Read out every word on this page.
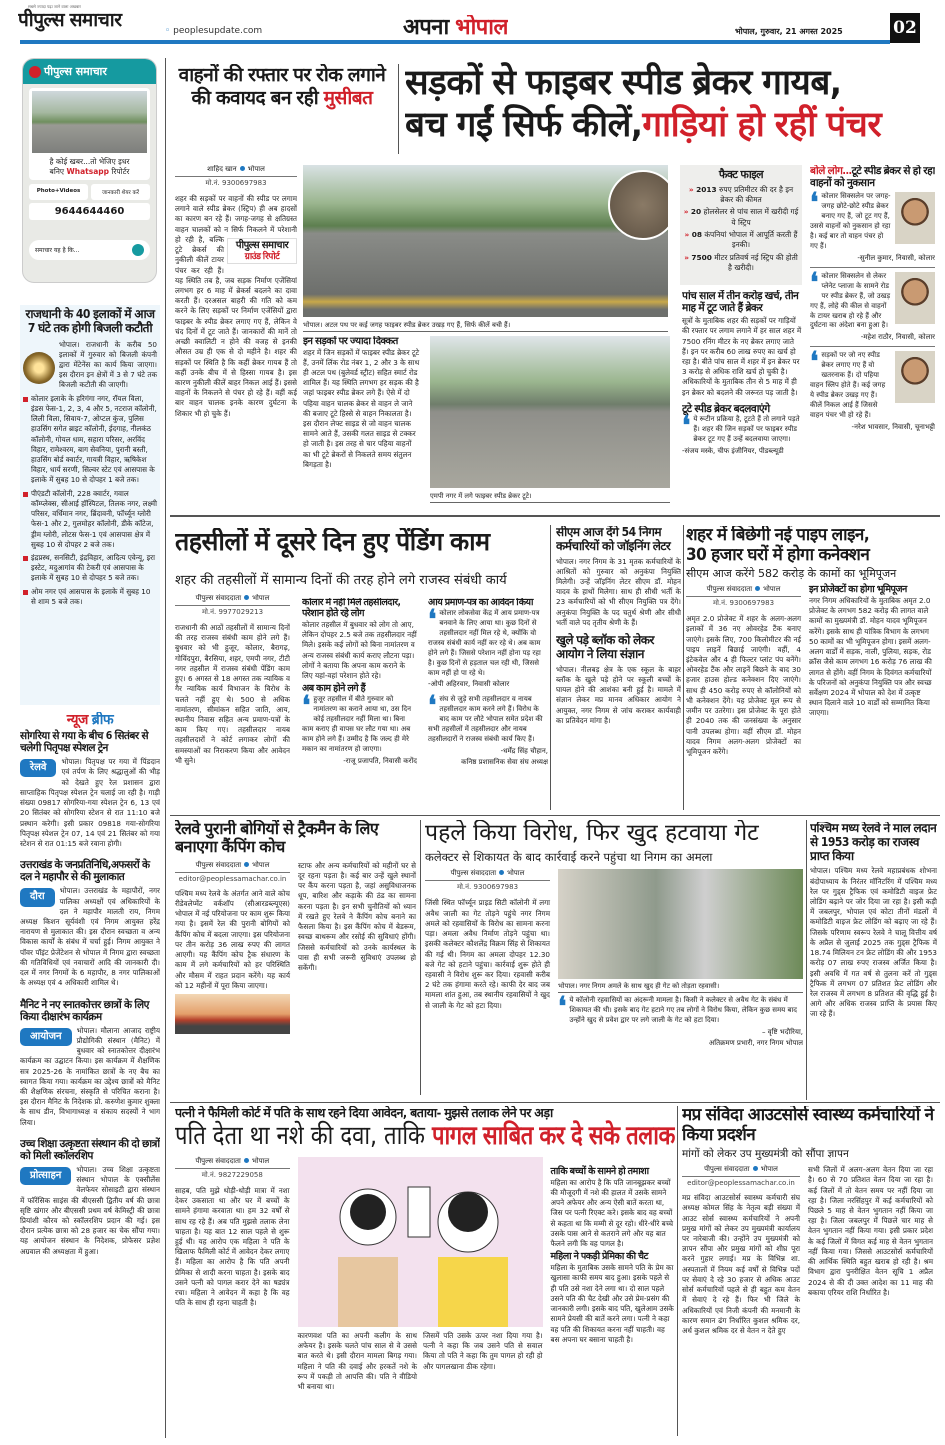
सबसे ज्यादा पढ़ा जाने वाला अखबार
पीपुल्स समाचार	◦ peoplesupdate.com	अपना भोपाल	भोपाल, गुरुवार, 21 अगस्त 2025	02
पीपुल्स समाचार
है कोई खबर...तो भेजिए इधर
बनिए Whatsapp रिपोर्टर
Photo+Videos	जानकारी शेयर करें
9644644460
समाचार यह है कि...
राजधानी के 40 इलाकों में आज 7 घंटे तक होगी बिजली कटौती
भोपाल। राजधानी के करीब 50 इलाकों में गुरुवार को बिजली कंपनी द्वारा मेंटेनेंस का कार्य किया जाएगा। इस दौरान इन क्षेत्रों में 3 से 7 घंटे तक बिजली कटौती की जाएगी।
कोलार इलाके के हरिगंगा नगर, रॉयल विला, इंडस फेस-1, 2, 3, 4 और 5, नटराज कॉलोनी, लिली विला, सिवाय-7, ओप्टल कुंज, पुलिस हाउसिंग सगेत ब्राइट कॉलोनी, ईदगाह, नीलकंठ कॉलोनी, गोयल धाम, सहारा परिसर, अरविंद विहार, रामेश्वरम, बाग सेवनिया, पुरानी बस्ती, हाउसिंग बोर्ड क्वार्टर, गायत्री विहार, ऋषिकेश विहार, धार्य सरणी, सिल्वर स्टेट एवं आसपास के इलाके में सुबह 10 से दोपहर 1 बजे तक।
पीएंडटी कॉलोनी, 228 क्वार्टर, गवाल कॉम्प्लेक्स, सीआई हॉस्पिटल, तिलक नगर, लक्ष्मी परिसर, वर्धिमान नगर, ब्रिंदावनी, फॉर्च्यून ग्लोरी फेस-1 और 2, गुलमोहर कॉलोनी, डीके कॉटेज, ड्रीम ग्लोरी, लोटस फेस-1 एवं आसपास क्षेत्र में सुबह 10 से दोपहर 2 बजे तक।
इंद्रप्रस्थ, सनसिटी, इंद्रविहार, आदित्य एवेन्यू, इरा इस्टेट, मदुआगांव की टेकरी एवं आसपास के इलाके में सुबह 10 से दोपहर 5 बजे तक।
ओम नगर एवं आसपास के इलाके में सुबह 10 से शाम 5 बजे तक।
न्यूज ब्रीफ
सोगरिया से गया के बीच 6 सितंबर से चलेगी पितृपक्ष स्पेशल ट्रेन
रेलवे
भोपाल। पितृपक्ष पर गया में पिंडदान एवं तर्पण के लिए श्रद्धालुओं की भीड़ को देखते हुए रेल प्रशासन द्वारा साप्ताहिक पितृपक्ष स्पेशल ट्रेन चलाई जा रही है। गाड़ी संख्या 09817 सोगरिया-गया स्पेशल ट्रेन 6, 13 एवं 20 सितंबर को सोगरिया स्टेशन से रात 11:10 बजे प्रस्थान करेगी। इसी प्रकार 09818 गया-सोगरिया पितृपक्ष स्पेशल ट्रेन 07, 14 एवं 21 सितंबर को गया स्टेशन से रात 01:15 बजे रवाना होगी।
उत्तराखंड के जनप्रतिनिधि,अफसरों के दल ने महापौर से की मुलाकात
दौरा
भोपाल। उत्तराखंड के महापौरों, नगर पालिका अध्यक्षों एवं अधिकारियों के दल ने महापौर मालती राय, निगम अध्यक्ष किशन सूर्यवंशी एवं निगम आयुक्त हरेंद्र नारायण से मुलाकात की। इस दौरान स्वच्छता व अन्य विकास कार्यों के संबंध में चर्चा हुई। निगम आयुक्त ने पॉवर पॉइंट प्रेजेंटेशन से भोपाल में निगम द्वारा स्वच्छता की गतिविधियों एवं नवाचारों आदि की जानकारी दी। दल में नगर निगमों के 6 महापौर, 8 नगर पालिकाओं के अध्यक्ष एवं 4 अधिकारी शामिल थे।
मैनिट ने नए स्नातकोत्तर छात्रों के लिए किया दीक्षारंभ कार्यक्रम
आयोजन
भोपाल। मौलाना आजाद राष्ट्रीय प्रौद्योगिकी संस्थान (मैनिट) में बुधवार को स्नातकोत्तर दीक्षारंभ कार्यक्रम का उद्घाटन किया। इस कार्यक्रम में शैक्षणिक सत्र 2025-26 के नामांकित छात्रों के नए बैच का स्वागत किया गया। कार्यक्रम का उद्देश्य छात्रों को मैनिट की शैक्षणिक संरचना, संस्कृति से परिचित कराना है। इस दौरान मैनिट के निदेशक प्रो. करुणेश कुमार शुक्ला के साथ डीन, विभागाध्यक्ष व संकाय सदस्यों ने भाग लिया।
उच्च शिक्षा उत्कृष्टता संस्थान की दो छात्रों को मिली स्कॉलरशिप
प्रोत्साहन
भोपाल। उच्च शिक्षा उत्कृष्टता संस्थान भोपाल के एक्सीलेंस वेलफेयर सोसाइटी द्वारा संस्थान में फॉरेंसिक साइंस की बीएससी द्वितीय वर्ष की छात्रा सृष्टि खंगार और बीएससी प्रथम वर्ष केमिस्ट्री की छात्रा प्रियांशी कौरव को स्कॉलरशिप प्रदान की गई। इस दौरान प्रत्येक छात्रा को 28 हजार का चेक सौंपा गया। यह आयोजन संस्थान के निदेशक, प्रोफेसर प्रज्ञेश अग्रवाल की अध्यक्षता में हुआ।
वाहनों की रफ्तार पर रोक लगाने की कवायद बन रही मुसीबत सड़कों से फाइबर स्पीड ब्रेकर गायब,
बच गईं सिर्फ कीलें,गाड़ियां हो रहीं पंचर
शाहिद खान भोपाल
मो.नं. 9300697983
पीपुल्स समाचार
ग्राउंड रिपोर्ट
शहर की सड़कों पर वाहनों की स्पीड पर लगाम लगाने वाले स्पीड ब्रेकर (स्ट्रिप) ही अब हादसों का कारण बन रहे हैं। जगह-जगह से क्षतिग्रस्त वाहन चालकों को न सिर्फ निकलने में परेशानी हो रही है, बल्कि टूटे ब्रेकर्स की नुकीली कीलें टायर पंचर कर रही हैं। यह स्थिति तब है, जब सड़क निर्माण एजेंसियां लगभग हर 6 माह में ब्रेकर्स बदलने का दावा करती हैं। दरअसल बाहरी की गति को कम करने के लिए सड़कों पर निर्माण एजेंसियों द्वारा फाइबर के स्पीड ब्रेकर लगाए गए हैं, लेकिन वे चंद दिनों में टूट जाते हैं। जानकारों की मानें तो अच्छी क्वालिटी न होने की वजह से इनकी औसत उम्र ही एक से दो महीने है। शहर की सड़कों पर स्थिति है कि कहीं ब्रेकर गायब हैं तो कहीं उनके बीच में से हिस्सा गायब है। इस कारण नुकीली कीलें बाहर निकल आई हैं। इससे वाहनों के निकलने से पंचर हो रहे हैं। वहीं कई बार वाहन चालक इनके कारण दुर्घटना के शिकार भी हो चुके हैं।
भोपाल। अटल पथ पर कई जगह फाइबर स्पीड ब्रेकर उखड़ गए हैं, सिर्फ कीलें बची हैं।
इन सड़कों पर ज्यादा दिक्कत
शहर में जिन सड़कों में फाइबर स्पीड ब्रेकर टूटे हैं, उनमें लिंक रोड नंबर 1, 2 और 3 के साथ ही अटल पथ (बुलेवर्ड स्ट्रीट) सहित स्मार्ट रोड शामिल हैं। यह स्थिति लगभग हर सड़क की है जहां फाइबर स्पीड ब्रेकर लगे हैं। ऐसे में दो पहिया वाहन चालक ब्रेकर से वाहन ले जाने की बजाए टूटे हिस्से से वाहन निकालता है। इस दौरान लेफ्ट साइड से जो वाहन चालक सामने आते हैं, उसकी गलत साइड से टक्कर हो जाती है। इस तरह से चार पहिया वाहनों का भी टूटे ब्रेकरों से निकलते समय संतुलन बिगड़ता है।
एमपी नगर में लगे फाइबर स्पीड ब्रेकर टूटे।
फैक्ट फाइल
» 2013 रुपए प्रतिमीटर की दर है इन ब्रेकर की कीमत
» 20 होलसेलर से पांच साल में खरीदी गई ये स्ट्रिप
» 08 कंपनियां भोपाल में आपूर्ति करती हैं इनकी।
» 7500 मीटर प्रतिवर्ष नई स्ट्रिप की होती है खरीदी।
पांच साल में तीन करोड़ खर्च, तीन माह में टूट जाते हैं ब्रेकर
सूत्रों के मुताबिक शहर की सड़कों पर गाड़ियों की रफ्तार पर लगाम लगाने में हर साल शहर में 7500 रनिंग मीटर के नए ब्रेकर लगाए जाते हैं। इन पर करीब 60 लाख रुपए का खर्च हो रहा है। बीते पांच साल में शहर में इन ब्रेकर पर 3 करोड़ से अधिक राशि खर्च हो चुकी है। अधिकारियों के मुताबिक तीन से 5 माह में ही इन ब्रेकर को बदलने की जरूरत पड़ जाती है।
टूटे स्पीड ब्रेकर बदलवाएंगे
❛ ये रूटीन प्रक्रिया है, टूटते हैं तो लगाने पड़ते हैं। शहर की जिन सड़कों पर फाइबर स्पीड ब्रेकर टूट गए हैं उन्हें बदलवाया जाएगा।
-संजय मस्के, चीफ इंजीनियर, पीडब्ल्यूडी
बोले लोग...टूटे स्पीड ब्रेकर से हो रहा वाहनों को नुकसान
❛ कोलार सिक्सलेन पर जगह-जगह छोटे-छोटे स्पीड ब्रेकर बनाए गए हैं, जो टूट गए हैं, उससे वाहनों को नुकसान हो रहा है। कई बार तो वाहन पंचर हो गए हैं।
-सुनील कुमार, निवासी, कोलार
❛ कोलार सिक्सलेन से लेकर प्लेनेट प्लाजा के सामने रोड पर स्पीड ब्रेकर हैं, जो उखड़ गए हैं, लोहे की कील से वाहनों के टायर खराब हो रहे हैं और दुर्घटना का अंदेशा बना हुआ है।
-महेश राठौर, निवासी, कोलार
❛ सड़कों पर जो नए स्पीड ब्रेकर लगाए गए हैं वो खतरनाक हैं। दो पहिया वाहन स्लिप होते हैं। कई जगह ये स्पीड ब्रेकर उखड़ गए हैं। कीलें निकल आई हैं जिससे वाहन पंचर भी हो रहे हैं।
-नरेश भावसार, निवासी, चूनाभट्टी
तहसीलों में दूसरे दिन हुए पेंडिंग काम
शहर की तहसीलों में सामान्य दिनों की तरह होने लगे राजस्व संबंधी कार्य
पीपुल्स संवाददाता भोपाल
मो.नं. 9977029213
राजधानी की आठों तहसीलों में सामान्य दिनों की तरह राजस्व संबंधी काम होने लगे हैं। बुधवार को भी हुजूर, कोलार, बैरागढ़, गोविंदपुरा, बैरसिया, शहर, एमपी नगर, टीटी नगर तहसील में राजस्व संबंधी पेंडिंग काम हुए। 6 अगस्त से 18 अगस्त तक न्यायिक व गैर न्यायिक कार्य विभाजन के विरोध के चलते नहीं हुए थे। 500 से अधिक नामांतरण, सीमांकन सहित जाति, आय, स्थानीय निवास सहित अन्य प्रमाण-पत्रों के काम किए गए। तहसीलदार नायब तहसीलदारों ने कोर्ट लगाकर लोगों की समस्याओं का निराकरण किया और आवेदन भी सुने।
कोलार में नहीं मिले तहसीलदार, परेशान होते रहे लोग
कोलार तहसील में बुधवार को लोग तो आए, लेकिन दोपहर 2.5 बजे तक तहसीलदार नहीं मिले। इसके कई लोगों को बिना नामांतरण व अन्य राजस्व संबंधी कार्य कराए लौटना पड़ा। लोगों ने बताया कि अपना काम कराने के लिए यहां-वहां परेशान होते रहे।
अब काम होने लगे हैं
❛ हुजूर तहसील में बीते गुरुवार को नामांतरण का कराने आया था, उस दिन कोई तहसीलदार नहीं मिला था। बिना काम कराए ही वापस घर लौट गया था। अब काम होने लगे हैं। उम्मीद है कि जल्द ही मेरे मकान का नामांतरण हो जाएगा।
-राजू प्रजापति, निवासी करोंद
आय प्रमाण-पत्र का आवेदन किया
❛ कोलार लोकसेवा केंद्र में आय प्रमाण-पत्र बनवाने के लिए आया था। कुछ दिनों से तहसीलदार नहीं मिल रहे थे, क्योंकि वो राजस्व संबंधी कार्य नहीं कर रहे थे। अब काम होने लगे हैं। जिससे परेशान नहीं होना पड़ रहा है। कुछ दिनों से हड़ताल चल रही थी, जिससे काम नहीं हो पा रहे थे।
-ओपी अहिरवार, निवासी कोलार
❛ संघ से जुड़े सभी तहसीलदार व नायब तहसीलदार काम करने लगे हैं। विरोध के बाद काम पर लौटे भोपाल समेत प्रदेश की सभी तहसीलों में तहसीलदार और नायब तहसीलदारों ने राजस्व संबंधी कार्य किए हैं।
-धर्मेंद्र सिंह चौहान,
कनिष्ठ प्रशासनिक सेवा संघ अध्यक्ष
सीएम आज देंगे 54 निगम कर्मचारियों को जॉइनिंग लेटर
भोपाल। नगर निगम के 31 मृतक कर्मचारियों के आश्रितों को गुरुवार को अनुकंपा नियुक्ति मिलेगी। उन्हें जॉइनिंग लेटर सीएम डॉ. मोहन यादव के हाथों मिलेगा। साथ ही सीधी भर्ती के 23 कर्मचारियों को भी सीएम नियुक्ति पत्र देंगे। अनुकंपा नियुक्ति के पद चतुर्थ श्रेणी और सीधी भर्ती वाले पद तृतीय श्रेणी के हैं।
खुले पड़े ब्लॉक को लेकर आयोग ने लिया संज्ञान
भोपाल। नीलबड़ क्षेत्र के एक स्कूल के बाहर ब्लॉक के खुले पड़े होने पर स्कूली बच्चों के घायल होने की आशंका बनी हुई है। मामले में संज्ञान लेकर मप्र मानव अधिकार आयोग ने आयुक्त, नगर निगम से जांच कराकर कार्यवाही का प्रतिवेदन मांगा है।
शहर में बिछेगी नई पाइप लाइन,
30 हजार घरों में होगा कनेक्शन
सीएम आज करेंगे 582 करोड़ के कामों का भूमिपूजन
पीपुल्स संवाददाता भोपाल
मो.नं. 9300697983
अमृत 2.0 प्रोजेक्ट में शहर के अलग-अलग इलाकों में 36 नए ओवरहेड टैंक बनाए जाएंगे। इसके लिए, 700 किलोमीटर की नई पाइप लाइनें बिछाई जाएंगी। वहीं, 4 इंटेकवेल और 4 ही फिल्टर प्लांट पंप बनेंगे। ओवरहेड टैंक और लाइनें बिछने के बाद 30 हजार हाउस होल्ड कनेक्शन दिए जाएंगे। साथ ही 450 करोड़ रुपए से कॉलोनियों को भी कनेक्शन देंगे। यह प्रोजेक्ट मूल रूप से जमीन पर उतरेगा। इस प्रोजेक्ट के पूरा होते ही 2040 तक की जनसंख्या के अनुसार पानी उपलब्ध होगा। वहीं सीएम डॉ. मोहन यादव निगम अलग-अलग प्रोजेक्टों का भूमिपूजन करेंगे।
इन प्रोजेक्टों का होगा भूमिपूजन
नगर निगम अधिकारियों के मुताबिक अमृत 2.0 प्रोजेक्ट के लगभग 582 करोड़ की लागत वाले कामों का मुख्यमंत्री डॉ. मोहन यादव भूमिपूजन करेंगे। इसके साथ ही यांत्रिक विभाग के लगभग 50 कामों का भी भूमिपूजन होगा। इसमें अलग-अलग वार्डों में सड़क, नाली, पुलिया, सड़क, रोड क्रॉस जैसे काम लगभग 16 करोड़ 76 लाख की लागत से होंगे। वहीं निगम के दिवंगत कर्मचारियों के परिजनों को अनुकंपा नियुक्ति पत्र और स्वच्छ सर्वेक्षण 2024 में भोपाल को देश में उत्कृष्ट स्थान दिलाने वाले 10 वार्डों को सम्मानित किया जाएगा।
रेलवे पुरानी बोगियों से ट्रैकमैन के लिए बनाएगा कैंपिंग कोच
पीपुल्स संवाददाता भोपाल
editor@peoplessamachar.co.in
पश्चिम मध्य रेलवे के अंतर्गत आने वाले कोच रीडेवलेप्मेंट वर्कशॉप (सीआरडब्ल्यूएस) भोपाल में नई परियोजना पर काम शुरू किया गया है। इसमें रेल की पुरानी बोगियों को कैंपिंग कोच में बदला जाएगा। इस परियोजना पर तीन करोड़ 36 लाख रुपए की लागत आएगी। यह कैंपिंग कोच ट्रैक संधारण के काम में लगे कर्मचारियों को हर परिस्थिति और मौसम में राहत प्रदान करेंगे। यह कार्य को 12 महीनों में पूरा किया जाएगा।
स्टाफ और अन्य कर्मचारियों को महीनों घर से दूर रहना पड़ता है। कई बार उन्हें खुले स्थानों पर कैंप करना पड़ता है, जहां असुविधाजनक धूप, बारिश और कड़ाके की ठंड का सामना करना पड़ता है। इन सभी चुनौतियों को ध्यान में रखते हुए रेलवे ने कैंपिंग कोच बनाने का फैसला किया है। इस कैंपिंग कोच में बेडरूम, स्वच्छ बाथरूम और रसोई की सुविधाएं होंगी। जिससे कर्मचारियों को उनके कार्यस्थल के पास ही सभी जरूरी सुविधाएं उपलब्ध हो सकेंगी।
पहले किया विरोध, फिर खुद हटवाया गेट
कलेक्टर से शिकायत के बाद कार्रवाई करने पहुंचा था निगम का अमला
पीपुल्स संवाददाता भोपाल
मो.नं. 9300697983
जिंसी स्थित फॉर्च्यून प्राइड सिटी कॉलोनी में लगा अवैध जाली का गेट तोड़ने पहुंचे नगर निगम अमले को रहवासियों के विरोध का सामना करना पड़ा। अमला अवैध निर्माण तोड़ने पहुंचा था। इसकी कलेक्टर कौशलेंद्र विक्रम सिंह से शिकायत की गई थी। निगम का अमला दोपहर 12.30 बजे गेट को हटाने पहुंचा। कार्रवाई शुरू होते ही रहवासी ने विरोध शुरू कर दिया। रहवासी करीब 2 घंटे तक हंगामा करते रहे। काफी देर बाद जब मामला शांत हुआ, तब स्थानीय रहवासियों ने खुद से जाली के गेट को हटा दिया।
भोपाल। नगर निगम अमले के साथ खुद ही गेट को तोड़ता रहवासी।
❛ ये कॉलोनी रहवासियों का अंदरूनी मामला है। किसी ने कलेक्टर से अवैध गेट के संबंध में शिकायत की थी। इसके बाद गेट हटाने गए तब लोगों ने विरोध किया, लेकिन कुछ समय बाद उन्होंने खुद से प्रवेश द्वार पर लगे जाली के गेट को हटा दिया।
– वृष्टि भदौरिया,
अतिक्रमण प्रभारी, नगर निगम भोपाल
पश्चिम मध्य रेलवे ने माल लदान से 1953 करोड़ का राजस्व प्राप्त किया
भोपाल। पश्चिम मध्य रेलवे महाप्रबंधक शोभना बंदोपाध्याय के निरंतर मॉनिटरिंग में पश्चिम मध्य रेल पर गुड्स ट्रैफिक एवं कमोडिटी वाइज फ्रेट लोडिंग बढ़ाने पर जोर दिया जा रहा है। इसी कड़ी में जबलपुर, भोपाल एवं कोटा तीनों मंडलों में कमोडिटी वाइज फ्रेट लोडिंग को बढ़ाए जा रहे हैं। जिसके परिणाम स्वरूप रेलवे ने चालू वित्तीय वर्ष के अप्रैल से जुलाई 2025 तक गुड्स ट्रैफिक में 18.74 मिलियन टन फ्रेट लोडिंग की और 1953 करोड़ 07 लाख रुपए राजस्व अर्जित किया है। इसी अवधि में गत वर्ष से तुलना करें तो गुड्स ट्रैफिक में लगभग 07 प्रतिशत फ्रेट लोडिंग और रेल राजस्व में लगभग 8 प्रतिशत की वृद्धि हुई है। आगे और अधिक राजस्व प्राप्ति के प्रयास किए जा रहे हैं।
पत्नी ने फैमिली कोर्ट में पति के साथ रहने दिया आवेदन, बताया- मुझसे तलाक लेने पर अड़ा
पति देता था नशे की दवा, ताकि पागल साबित कर दे सके तलाक
पीपुल्स संवाददाता भोपाल
मो.नं. 9827229058
साहब, पति मुझे थोड़ी-थोड़ी मात्रा में नशा देकर उकसाता था और घर में बच्चों के सामने हंगामा करवाता था। हम 32 वर्षों से साथ रह रहे हैं। अब पति मुझसे तलाक लेना चाहता है। यह बात 12 साल पहले से शुरू हुई थी। यह आरोप एक महिला ने पति के खिलाफ फैमिली कोर्ट में आवेदन देकर लगाए हैं। महिला का आरोप है कि पति अपनी प्रेमिका से शादी करना चाहता है। इसके बाद उसने पत्नी को पागल करार देने का षड्यंत्र रचा। महिला ने आवेदन में कहा है कि वह पति के साथ ही रहना चाहती है।
कारणवश पति का अपनी कलीग के साथ अफेयर है। इसके चलते पांच साल से वे उससे बात करते थे। इसी दौरान मामला बिगड़ गया। महिला ने पति की दवाई और हरकतें नशे के रूप में पकड़ी तो आपत्ति की। पति ने वीडियो भी बनाया था।
जिसमें पति उसके ऊपर नशा दिया गया है। पत्नी ने कहा कि जब उसने पति से सवाल किया तो पति ने कहा कि तुम पागल हो रही हो और पागलखाना ठीक रहेगा।
ताकि बच्चों के सामने हो तमाशा
महिला का आरोप है कि पति जानबूझकर बच्चों की मौजूदगी में नशे की हालत में उसके सामने अपने अफेयर और अन्य ऐसी बातें करता था, जिस पर पत्नी रिएक्ट करे। इसके बाद वह बच्चों से कहता था कि मम्मी से दूर रहो। धीरे-धीरे बच्चे उसके पास आने से कतराने लगे और यह बात फैलने लगी कि वह पागल है।
महिला ने पकड़ी प्रेमिका की चैट
महिला के मुताबिक उसके सामने पति के प्रेम का खुलासा काफी समय बाद हुआ। इसके पहले से ही पति उसे नशा देने लगा था। दो साल पहले उसने पति की चैट देखी और उसे प्रेम-प्रसंग की जानकारी लगी। इसके बाद पति, खुलेआम उसके सामने प्रेयसी की बातें करने लगा। पत्नी ने कहा वह पति की शिकायत करना नहीं चाहती। वह बस अपना घर बसाना चाहती है।
मप्र संविदा आउटसोर्स स्वास्थ्य कर्मचारियों ने किया प्रदर्शन
मांगों को लेकर उप मुख्यमंत्री को सौंपा ज्ञापन
पीपुल्स संवाददाता भोपाल
editor@peoplessamachar.co.in
मप्र संविदा आउटसोर्स स्वास्थ्य कर्मचारी संघ अध्यक्ष कोमल सिंह के नेतृत्व बड़ी संख्या में आउट सोर्स स्वास्थ्य कर्मचारियों ने अपनी प्रमुख मांगों को लेकर उप मुख्यमंत्री कार्यालय पर नारेबाजी की। उन्होंने उप मुख्यमंत्री को ज्ञापन सौंपा और प्रमुख मांगों को शीघ्र पूरा करने गुहार लगाई। मप्र के विभिन्न शा. अस्पतालों में नियम कई वर्षों से विभिन्न पदों पर सेवाएं दे रहे 30 हजार से अधिक आउट सोर्स कर्मचारियों पहले से ही बहुत कम वेतन में सेवाएं दे रहे हैं। फिर भी जिले के अधिकारियों एवं निजी कंपनी की मनमानी के कारण समान ढंग निर्धारित कुशल श्रमिक दर, अर्ध कुशल श्रमिक दर से वेतन न देते हुए
सभी जिलों में अलग-अलग वेतन दिया जा रहा है। 60 से 70 प्रतिशत वेतन दिया जा रहा है। कई जिलों में तो वेतन समय पर नहीं दिया जा रहा है। जिला नरसिंहपुर में कई कर्मचारियों को पिछले 5 माह से वेतन भुगतान नहीं किया जा रहा है। जिला जबलपुर में पिछले चार माह से वेतन भुगतान नहीं किया गया। इसी प्रकार प्रदेश के कई जिलों में विगत कई माह से वेतन भुगतान नहीं किया गया। जिससे आउटसोर्स कर्मचारियों की आर्थिक स्थिति बहुत खराब हो रही है। श्रम विभाग द्वारा पुनरीक्षित वेतन सूचि 1 अप्रैल 2024 से की दी उक्त आदेश का 11 माह की बकाया एरियर राशि निर्धारित है।
